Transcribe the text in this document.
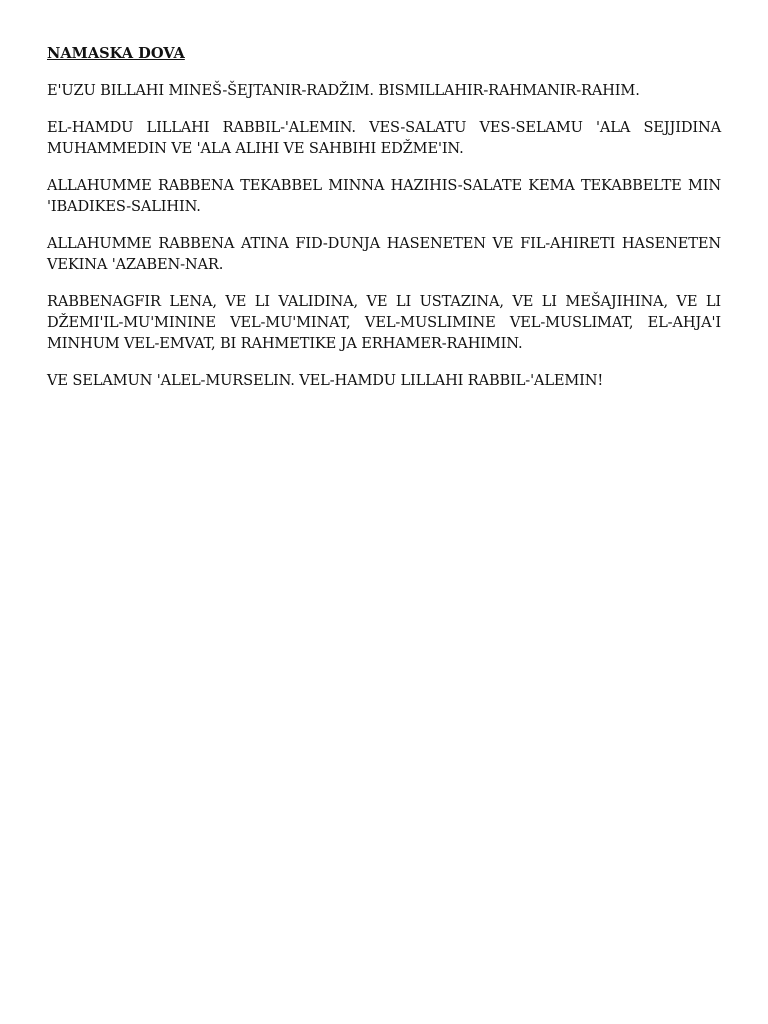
NAMASKA DOVA

E'UZU BILLAHI MINEŠ-ŠEJTANIR-RADŽIM. BISMILLAHIR-RAHMANIR-RAHIM.

EL-HAMDU LILLAHI RABBIL-'ALEMIN. VES-SALATU VES-SELAMU 'ALA SEJJIDINA MUHAMMEDIN VE 'ALA ALIHI VE SAHBIHI EDŽME'IN.

ALLAHUMME RABBENA TEKABBEL MINNA HAZIHIS-SALATE KEMA TEKABBELTE MIN 'IBADIKES-SALIHIN.

ALLAHUMME RABBENA ATINA FID-DUNJA HASENETEN VE FIL-AHIRETI HASENETEN VEKINA 'AZABEN-NAR.

RABBENAGFIR LENA, VE LI VALIDINA, VE LI USTAZINA, VE LI MEŠAJIHINA, VE LI DŽEMI'IL-MU'MININE VEL-MU'MINAT, VEL-MUSLIMINE VEL-MUSLIMAT, EL-AHJA'I MINHUM VEL-EMVAT, BI RAHMETIKE JA ERHAMER-RAHIMIN.

VE SELAMUN 'ALEL-MURSELIN. VEL-HAMDU LILLAHI RABBIL-'ALEMIN!
